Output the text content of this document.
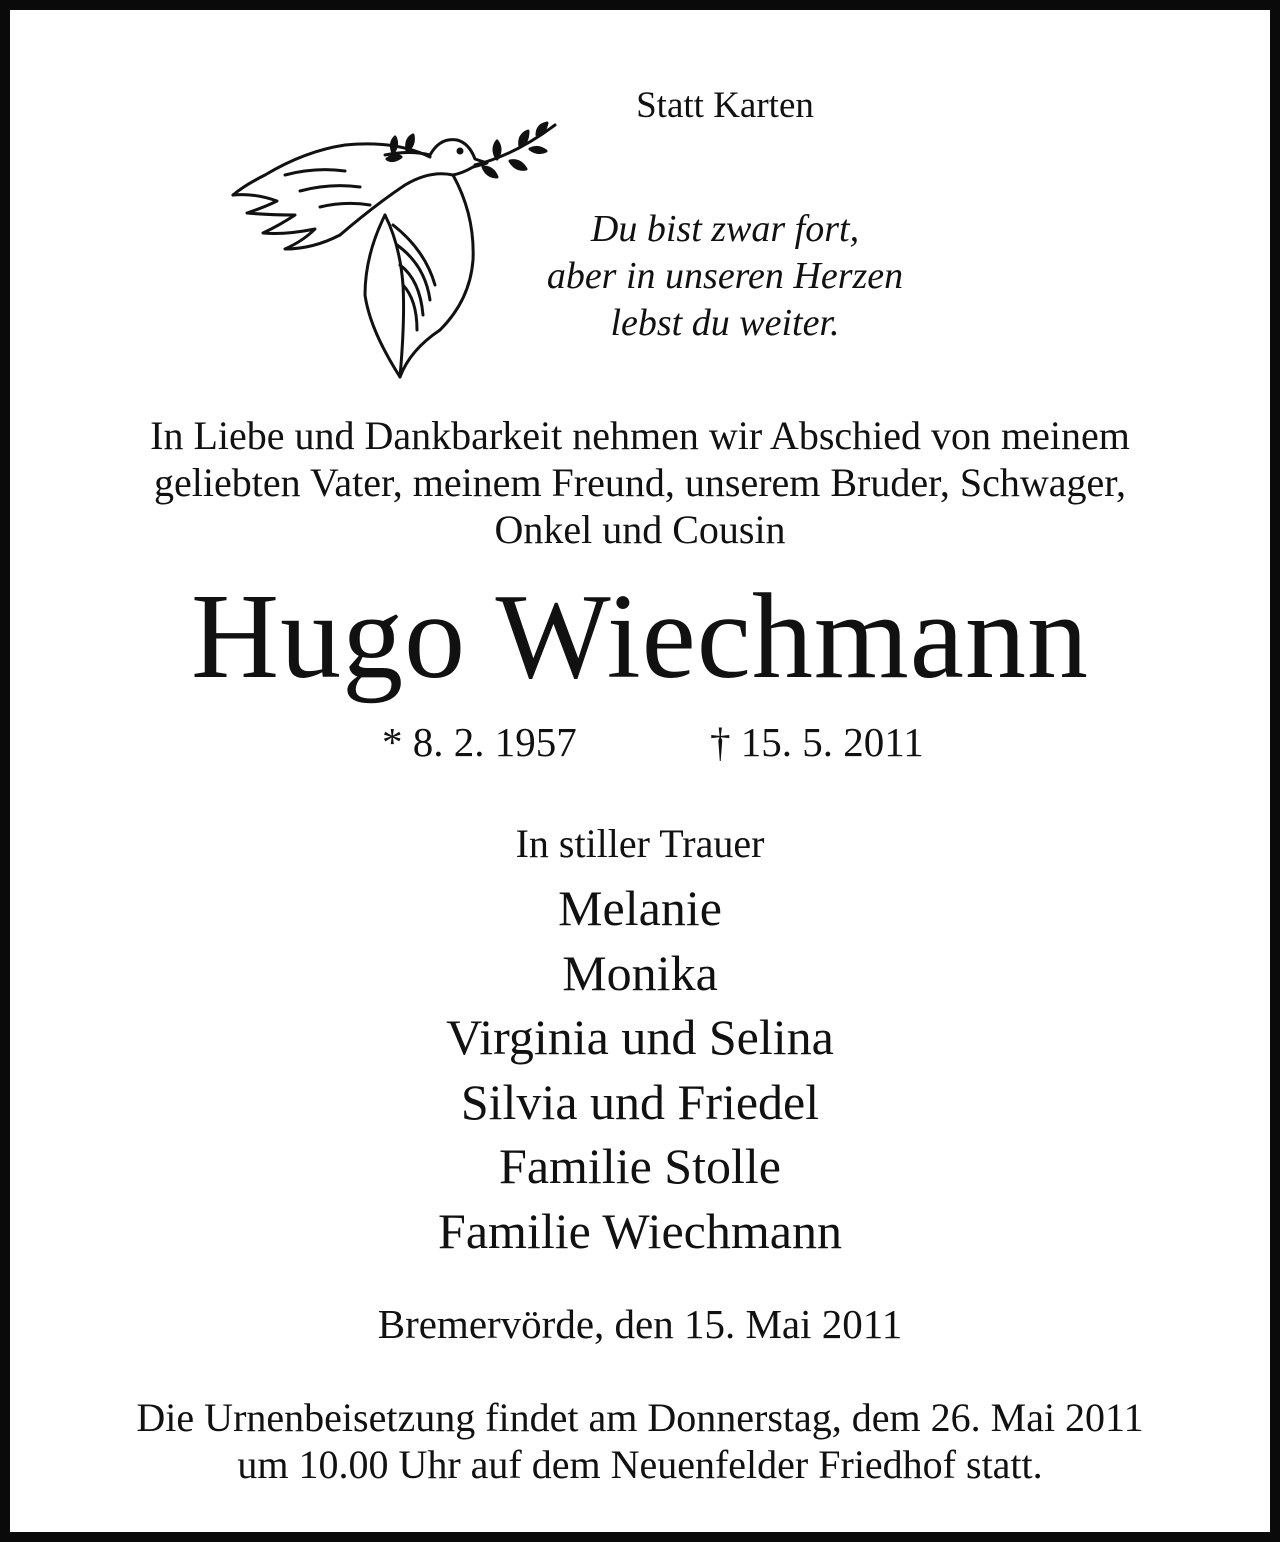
Statt Karten
Du bist zwar fort,
aber in unseren Herzen
lebst du weiter.
In Liebe und Dankbarkeit nehmen wir Abschied von meinem
geliebten Vater, meinem Freund, unserem Bruder, Schwager,
Onkel und Cousin
Hugo Wiechmann
* 8. 2. 1957	† 15. 5. 2011
In stiller Trauer
Melanie
Monika
Virginia und Selina
Silvia und Friedel
Familie Stolle
Familie Wiechmann
Bremervörde, den 15. Mai 2011
Die Urnenbeisetzung findet am Donnerstag, dem 26. Mai 2011
um 10.00 Uhr auf dem Neuenfelder Friedhof statt.
